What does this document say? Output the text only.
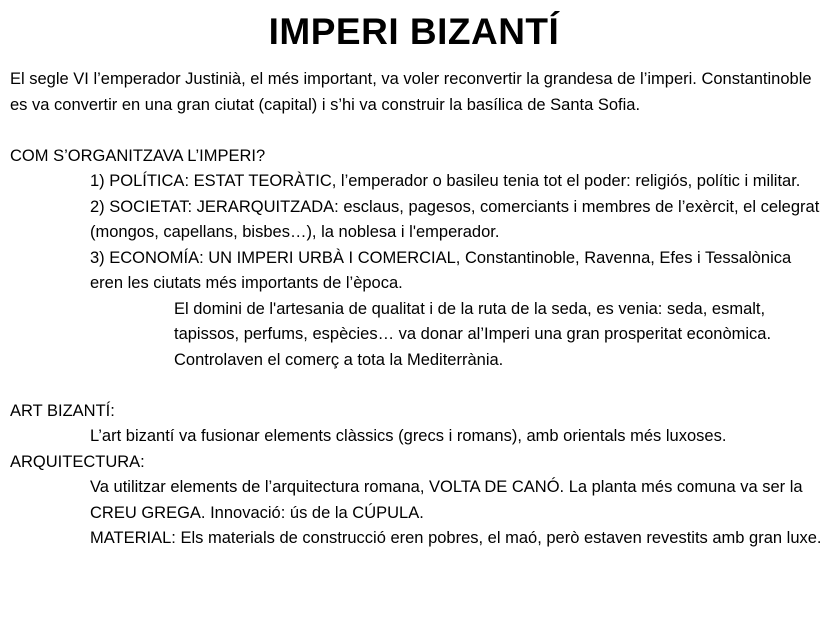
IMPERI BIZANTÍ

El segle VI l’emperador Justinià, el més important, va voler reconvertir la grandesa de l’imperi. Constantinoble es va convertir en una gran ciutat (capital) i s’hi va construir la basílica de Santa Sofia.

COM S’ORGANITZAVA L’IMPERI?

1) POLÍTICA: ESTAT TEORÀTIC, l’emperador o basileu tenia tot el poder: religiós, polític i militar.

2) SOCIETAT: JERARQUITZADA: esclaus, pagesos, comerciants i membres de l’exèrcit, el celegrat (mongos, capellans, bisbes…), la noblesa i l'emperador.

3) ECONOMÍA: UN IMPERI URBÀ I COMERCIAL, Constantinoble, Ravenna, Efes i Tessalònica eren les ciutats més importants de l’època.

El domini de l'artesania de qualitat i de la ruta de la seda, es venia: seda, esmalt, tapissos, perfums, espècies… va donar al’Imperi una gran prosperitat econòmica. Controlaven el comerç a tota la Mediterrània.

ART BIZANTÍ:

L’art bizantí va fusionar elements clàssics (grecs i romans), amb orientals més luxoses.

ARQUITECTURA:

Va utilitzar elements de l’arquitectura romana, VOLTA DE CANÓ. La planta més comuna va ser la CREU GREGA. Innovació: ús de la CÚPULA.

MATERIAL: Els materials de construcció eren pobres, el maó, però estaven revestits amb gran luxe.
